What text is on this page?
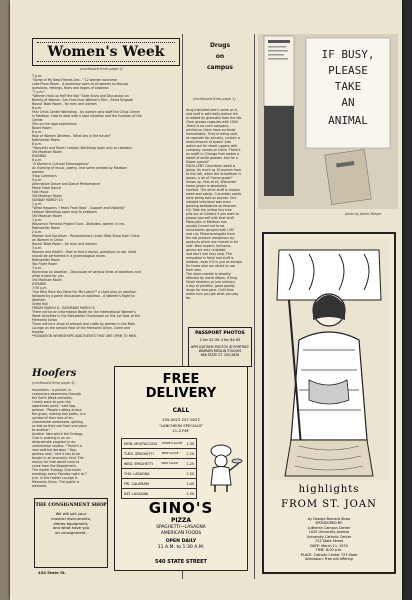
Women's Week
(continued from page 1)

7 p.m.

"Some of My Best Friends Are..." 12 women welcome

Lake Plaza Room - A workshop open to all women to discuss

questions, feelings, fears and hopes of Lesbians

"7 p.m."

"Women Hold up Half the Sky" Slide Show and Discussion on

Brevity of Women, San Francisco Women's Film - Ithica Brigade

Round Table Room - for men and women

8 p.m.

Fear Crisis Center Workshop - by women who staff the Crisis Center

in Madison. How to deal with a rape situation and the function of the

Center.

Film on the rape experience

Board Room

8 p.m.

Role of Women Athletes - What lies in the future?

Rathskeller Room

8 p.m.

"Sexuality and Roles" Lesbian Workshop open only to Lesbians

Old Madison Room

EVENING

8 p.m.

"A Women's Cultural Extravaganza"

An Evening of music, poetry, and some created by Madison

women

Tripp Commons

9 p.m.

Alternative Dance and Dance Performance

Marie Sabe Dance

Folk Music

Old Madison Room

SUNDAY MARCH 10

1 p.m.

"What Happens 'I Years From Now' - Support and Visibility"

Lesbian Workshop open only to Lesbians

Old Madison Room

1 p.m.

Wisconsin Feminist Project Fund - Attitudes, women in res-

Rathskeller Room

2 p.m.

Women and Socialism - Revolutionary Union Slide Show from China

on Women in China

Round Table Room - for men and women

3 p.m.

Women and Health - How to find a doctor, questions to ask, what

should be performed in a gynecological exam.

Rathskeller Room

Top Flight Room

3 p.m.

Workshop on Abortion - Discussion of various kinds of abortions and

what is best for you

Old Madison Room

EVENING

7:30 p.m.

"Are Who Here You Done For Me Lately?" a short play on abortion

followed by a panel discussion on abortion - A Women's Right to

Abortion

Great Hall

FRIDAY MARCH 8 - SATURDAY MARCH 9

There will be an Information Booth for the International Women's

Week Activities in the Rathskeller Checkroom on the 1st floor of the

Memorial Union.

There will be a show of artwork and crafts by women in the Main

Lounge on the second floor of the Memorial Union. Come and

browse.

**DONATION WORKSHOPS AND EVENTS THAT ARE OPEN TO MEN.

Hoofers
(continued from page 4)

mountains - a picture- in-

consumers awareness through

the Earth Week activities.

I really want to push the

awareness point," said Kop-

pelman. "People cutting across

the grass, making trail paths, is a

symbol of their lack of en-

vironmental awareness- getting

as fast as they can from one place

to another."

Another idea which the Ecology

Club is pushing is an un-

dergraduate program in en-

vironmental studies. "There's a

new political decision," Kop-

pelman said, "and it has to be

taught in an economic kind. The

money for that would have to

come from the Department.

The Hoofer Ecology Club holds

meetings every Monday night at 7

p.m. in the Hoofer Lounge in

Memorial Union. The public is

welcome.

THE CONSIGNMENT SHOP

We will sell your

musical instruments,

stereo equipment,

and what have you

on consignment.

434 State St.
FREE
DELIVERY
CALL
255-5023 257-9022
"LUNCHEON SPECIALS"
11-2 P.M.
MON. MOSTACCIOLI TOMATO SAUCE 1.35
TUES. SPAGHETTI	MEAT SAUCE 1.20
WED. SPAGHETTI	MEAT SAUCE 1.25
THU. LASAGNA	1.50
FRI. CALAMARI	1.45
SAT. LASAGNA	1.50
GINO'S
PIZZA
SPAGHETTI—LASAGNA
AMERICAN FOODS
OPEN DAILY
11 A.M. to 1:30 A.M.
540 STATE STREET
Drugs
on
campus
(continued from page 1)

drug manufacturer's name on it,

and stuff is with belly-button lint

or added by graduate from the lab.

Clear grease capsules with 1000

-there is no such company-

printed on them have surfaced

immediately. They're being sold

at capsules for actually, contain a

small amount of speed. Also

watch out for street uppers with

company names on them. There's

an outfit in Chicago that makes a

tablet of white powder. Ask for a

flower special"

EXCELLENT Columbian weed is

going. As much as 10 ounces from

to the hall, when the Schweitzer is

grown, a lot of "home grown"

shows up. First of all, Wisconsin

home grown is absolutely

horrible. The other stuff is chosen

weed and catnip. Cucumber seeds

were being sold as peyote. One

intrepid individual was even

growing belladonna on Bascom

hill. Take the yellow tiny tree

pills out of Contact if you want to

please yourself with that stuff.

Psilocybin in Madison has

usually turned out to be

mushrooms sprayed with LSD

and cut. Pharmacologists from

the lab produce dangerous by-

products which are missed in for

sale. Most organic hallucino-

genics are very unstable

and don't last very long. The

mescaline is fresh and stuff is

outdoor, even if it is just as escape

for those who are afraid to use

their own.

The stock market is steadily

affected by world affairs. If King

Faisal restrains or just ordinary

a day of plentiful, good quality

drugs for everyone. Until then

make sure you get what you pay

for.

PASSPORT PHOTOS
2 for $2.95 4 for $4.95
APPLICATIONS PHOTOS ID PORTRAIT
WARNER-MEDLIN STUDIOS
668 STATE ST. 255-5628
IF BUSY,
PLEASE
TAKE
AN
ANIMAL
photo by James Berger
highlights
FROM ST. JOAN
by George Bernard Shaw
SPONSORED BY:
Lutheran Campus Center
1025 University Avenue
University Catholic Center
723 State Street
DATE: March 11, 1974
TIME: 8:00 p.m.
PLACE: Catholic Center 723 State
Admission: Free will offering
